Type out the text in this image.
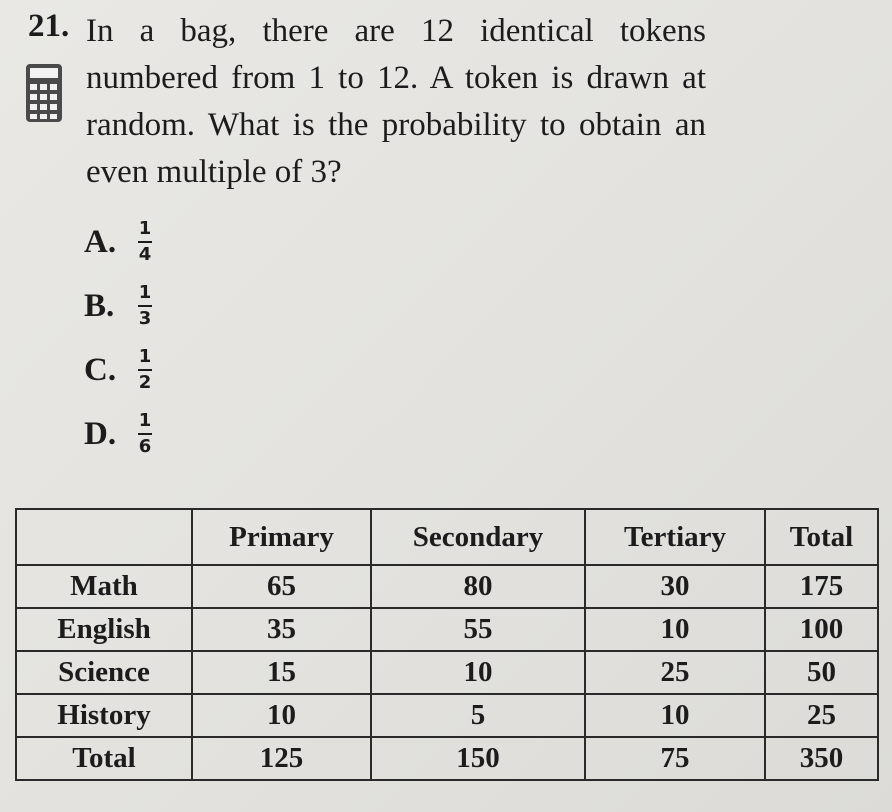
21. In a bag, there are 12 identical tokens numbered from 1 to 12. A token is drawn at random. What is the probability to obtain an even multiple of 3?
A.	$\frac{1}{4}$
B.	$\frac{1}{3}$
C.	$\frac{1}{2}$
D.	$\frac{1}{6}$
	Primary	Secondary	Tertiary	Total
Math	65	80	30	175
English	35	55	10	100
Science	15	10	25	50
History	10	5	10	25
Total	125	150	75	350
